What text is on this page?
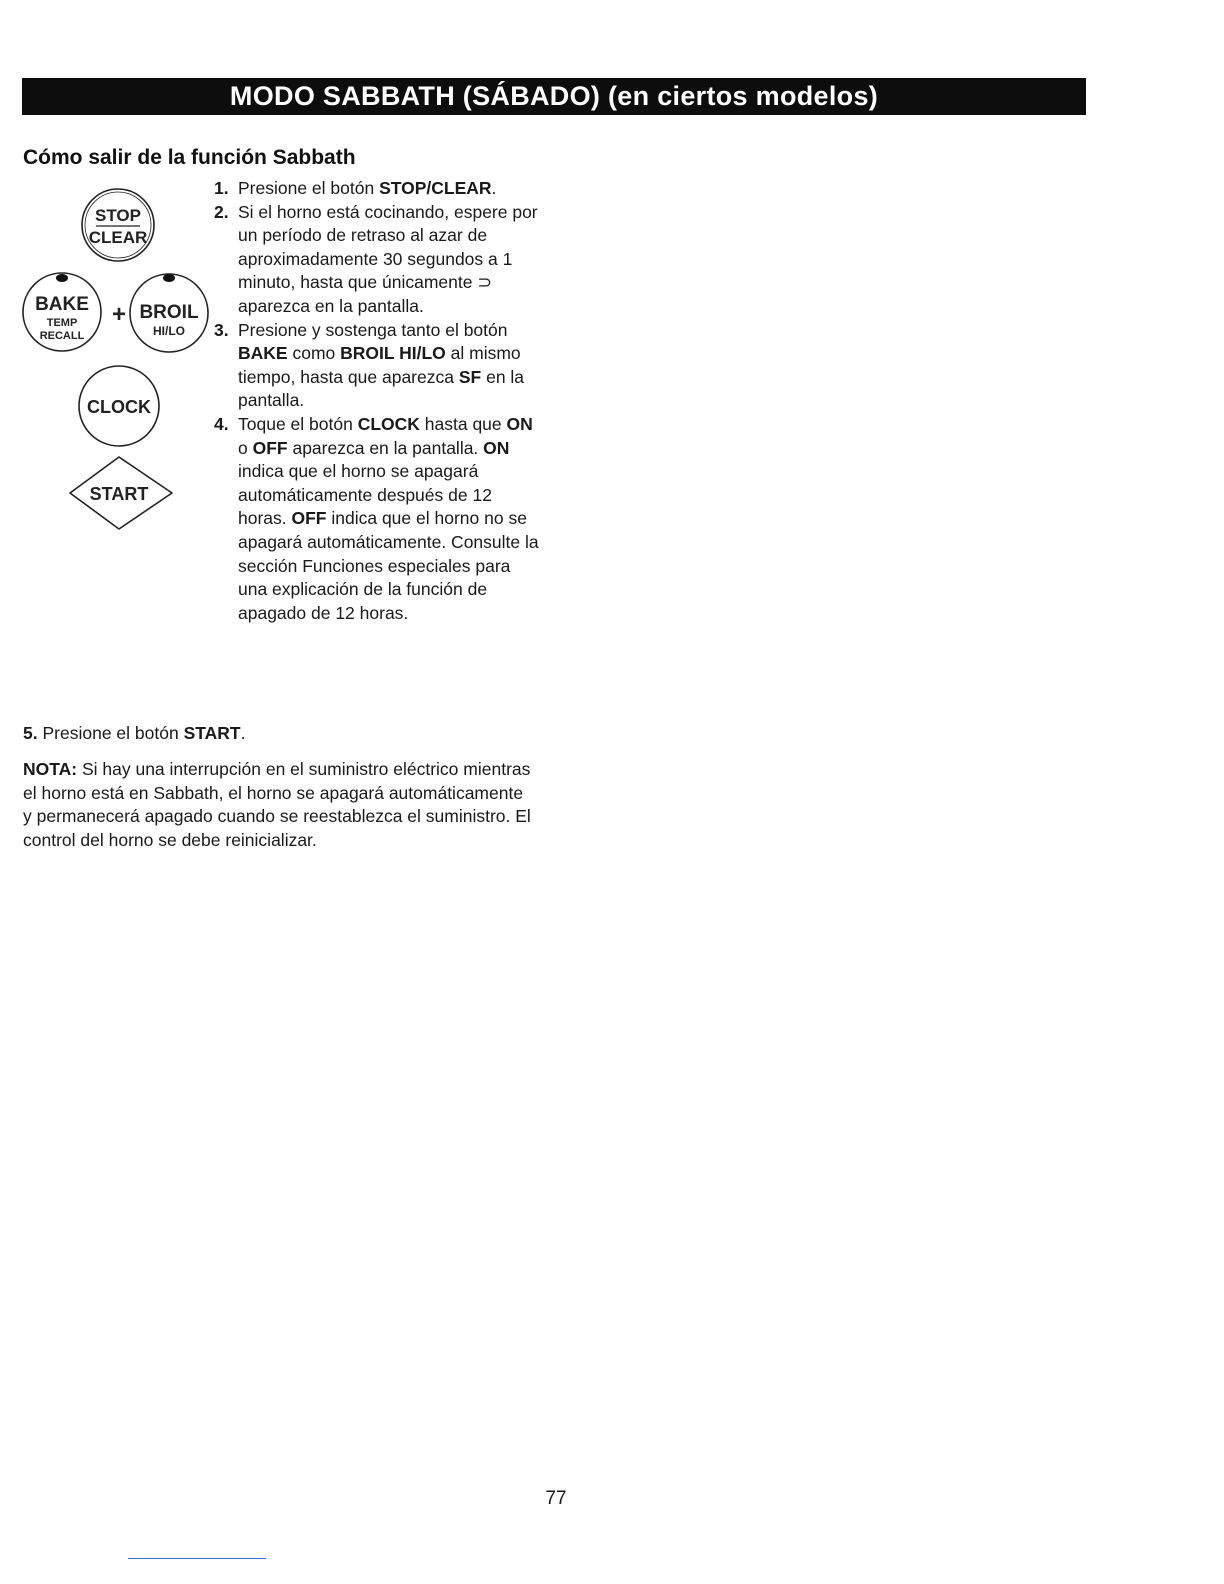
MODO SABBATH (SÁBADO) (en ciertos modelos)
Cómo salir de la función Sabbath
STOP
CLEAR
BAKE
TEMP
RECALL
+ BROIL
HI/LO
CLOCK
START
1. Presione el botón STOP/CLEAR.
2. Si el horno está cocinando, espere por un período de retraso al azar de aproximadamente 30 segundos a 1 minuto, hasta que únicamente ⊃ aparezca en la pantalla.
3. Presione y sostenga tanto el botón BAKE como BROIL HI/LO al mismo tiempo, hasta que aparezca SF en la pantalla.
4. Toque el botón CLOCK hasta que ON o OFF aparezca en la pantalla. ON indica que el horno se apagará automáticamente después de 12 horas. OFF indica que el horno no se apagará automáticamente. Consulte la sección Funciones especiales para una explicación de la función de apagado de 12 horas.

5. Presione el botón START.

NOTA: Si hay una interrupción en el suministro eléctrico mientras el horno está en Sabbath, el horno se apagará automáticamente y permanecerá apagado cuando se reestablezca el suministro. El control del horno se debe reinicializar.

77
